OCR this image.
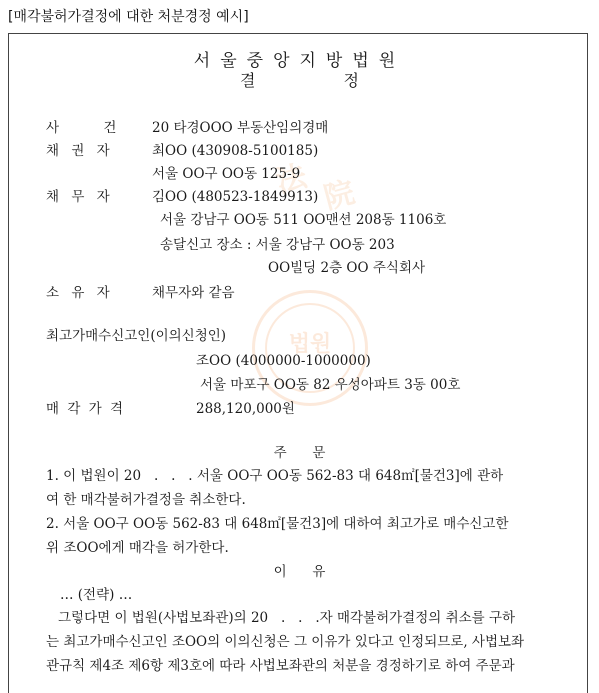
[매각불허가결정에 대한 처분경정 예시]
法 院
법원
서울중앙지방법원
결	정
사 건	20 타경OOO 부동산임의경매
채 권 자	최OO (430908-5100185)
서울 OO구 OO동 125-9
채 무 자	김OO (480523-1849913)
서울 강남구 OO동 511 OO맨션 208동 1106호
송달신고 장소 : 서울 강남구 OO동 203
OO빌딩 2층 OO 주식회사
소 유 자	채무자와 같음
최고가매수신고인(이의신청인)
조OO (4000000-1000000)
서울 마포구 OO동 82 우성아파트 3동 00호
매 각 가 격	288,120,000원
주      문
1. 이 법원이 20   .   .   . 서울 OO구 OO동 562-83 대 648㎡[물건3]에 관하
여 한 매각불허가결정을 취소한다.
2. 서울 OO구 OO동 562-83 대 648㎡[물건3]에 대하여 최고가로 매수신고한
위 조OO에게 매각을 허가한다.
이      유
… (전략) …
그렇다면 이 법원(사법보좌관)의 20   .   .   .자 매각불허가결정의 취소를 구하
는 최고가매수신고인 조OO의 이의신청은 그 이유가 있다고 인정되므로, 사법보좌
관규칙 제4조 제6항 제3호에 따라 사법보좌관의 처분을 경정하기로 하여 주문과
